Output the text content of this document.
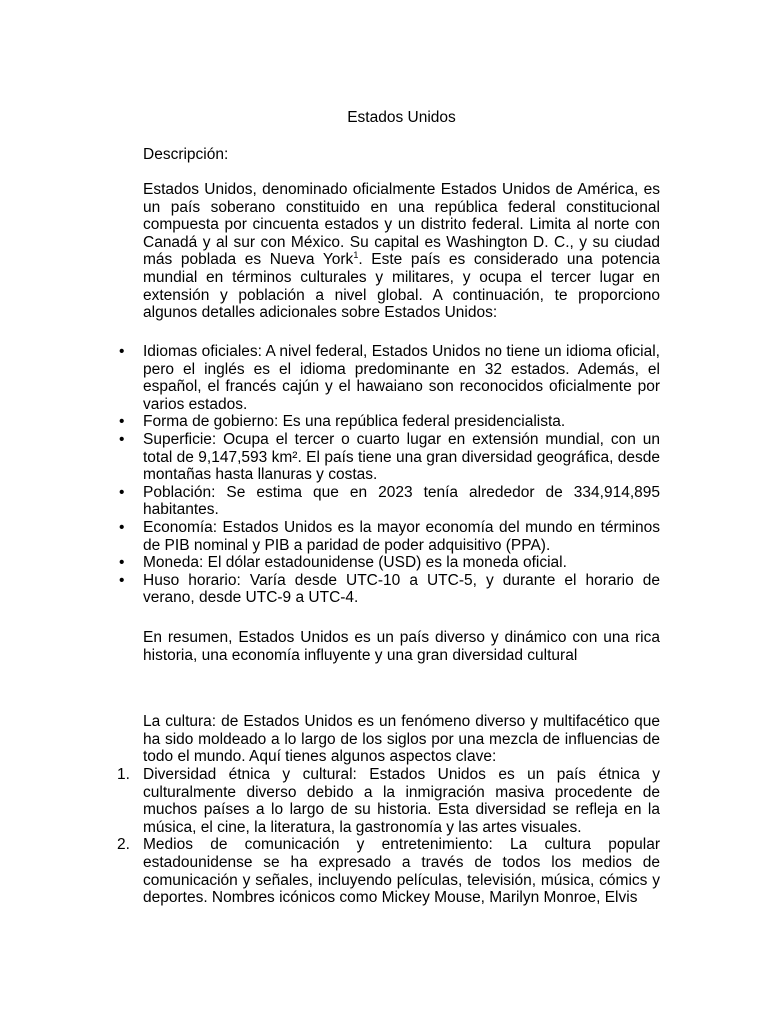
Estados Unidos
Descripción:
Estados Unidos, denominado oficialmente Estados Unidos de América, es un país soberano constituido en una república federal constitucional compuesta por cincuenta estados y un distrito federal. Limita al norte con Canadá y al sur con México. Su capital es Washington D. C., y su ciudad más poblada es Nueva York$^1$. Este país es considerado una potencia mundial en términos culturales y militares, y ocupa el tercer lugar en extensión y población a nivel global. A continuación, te proporciono algunos detalles adicionales sobre Estados Unidos:
• Idiomas oficiales: A nivel federal, Estados Unidos no tiene un idioma oficial, pero el inglés es el idioma predominante en 32 estados. Además, el español, el francés cajún y el hawaiano son reconocidos oficialmente por varios estados.
• Forma de gobierno: Es una república federal presidencialista.
• Superficie: Ocupa el tercer o cuarto lugar en extensión mundial, con un total de 9,147,593 km². El país tiene una gran diversidad geográfica, desde montañas hasta llanuras y costas.
• Población: Se estima que en 2023 tenía alrededor de 334,914,895 habitantes.
• Economía: Estados Unidos es la mayor economía del mundo en términos de PIB nominal y PIB a paridad de poder adquisitivo (PPA).
• Moneda: El dólar estadounidense (USD) es la moneda oficial.
• Huso horario: Varía desde UTC-10 a UTC-5, y durante el horario de verano, desde UTC-9 a UTC-4.
En resumen, Estados Unidos es un país diverso y dinámico con una rica historia, una economía influyente y una gran diversidad cultural
La cultura: de Estados Unidos es un fenómeno diverso y multifacético que ha sido moldeado a lo largo de los siglos por una mezcla de influencias de todo el mundo. Aquí tienes algunos aspectos clave:
1. Diversidad étnica y cultural: Estados Unidos es un país étnica y culturalmente diverso debido a la inmigración masiva procedente de muchos países a lo largo de su historia. Esta diversidad se refleja en la música, el cine, la literatura, la gastronomía y las artes visuales.
2. Medios de comunicación y entretenimiento: La cultura popular estadounidense se ha expresado a través de todos los medios de comunicación y señales, incluyendo películas, televisión, música, cómics y deportes. Nombres icónicos como Mickey Mouse, Marilyn Monroe, Elvis
